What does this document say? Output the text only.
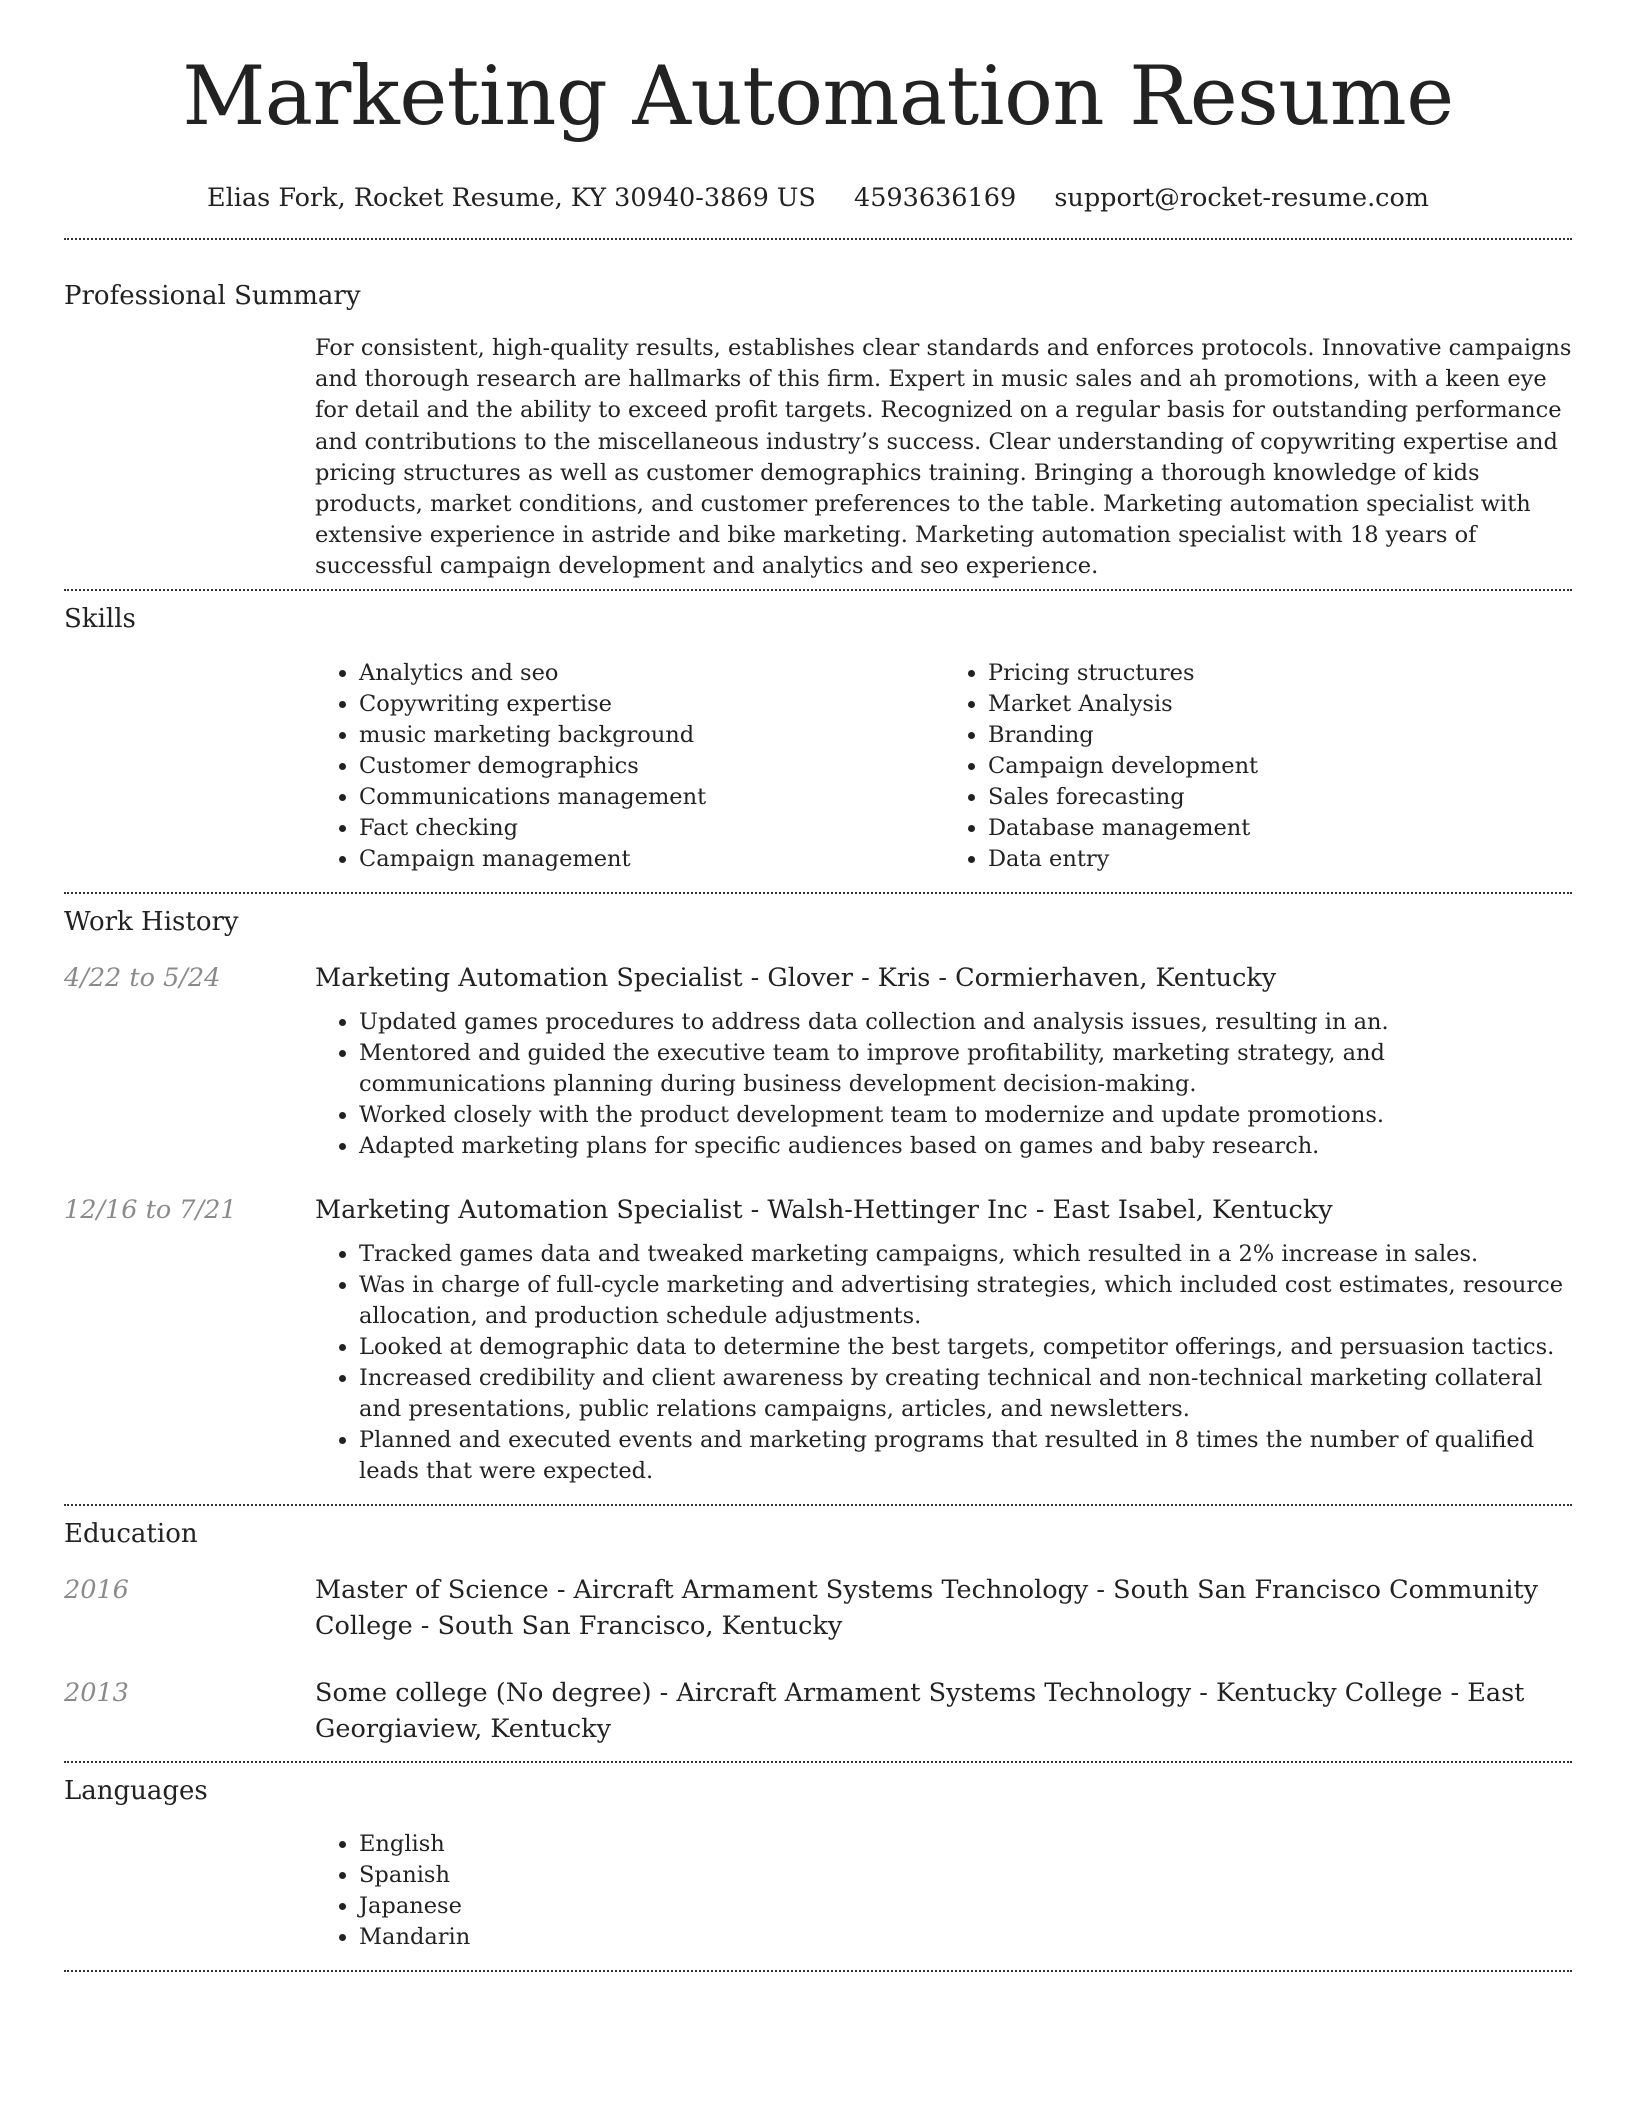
Marketing Automation Resume
Elias Fork, Rocket Resume, KY 30940-3869 US 4593636169 support@rocket-resume.com
Professional Summary

For consistent, high-quality results, establishes clear standards and enforces protocols. Innovative campaigns and thorough research are hallmarks of this firm. Expert in music sales and ah promotions, with a keen eye for detail and the ability to exceed profit targets. Recognized on a regular basis for outstanding performance and contributions to the miscellaneous industry’s success. Clear understanding of copywriting expertise and pricing structures as well as customer demographics training. Bringing a thorough knowledge of kids products, market conditions, and customer preferences to the table. Marketing automation specialist with extensive experience in astride and bike marketing. Marketing automation specialist with 18 years of successful campaign development and analytics and seo experience.

Skills
• Analytics and seo
• Copywriting expertise
• music marketing background
• Customer demographics
• Communications management
• Fact checking
• Campaign management
• Pricing structures
• Market Analysis
• Branding
• Campaign development
• Sales forecasting
• Database management
• Data entry
Work History
4/22 to 5/24	Marketing Automation Specialist - Glover - Kris - Cormierhaven, Kentucky

• Updated games procedures to address data collection and analysis issues, resulting in an.
• Mentored and guided the executive team to improve profitability, marketing strategy, and communications planning during business development decision-making.
• Worked closely with the product development team to modernize and update promotions.
• Adapted marketing plans for specific audiences based on games and baby research.
12/16 to 7/21	Marketing Automation Specialist - Walsh-Hettinger Inc - East Isabel, Kentucky

• Tracked games data and tweaked marketing campaigns, which resulted in a 2% increase in sales.
• Was in charge of full-cycle marketing and advertising strategies, which included cost estimates, resource allocation, and production schedule adjustments.
• Looked at demographic data to determine the best targets, competitor offerings, and persuasion tactics.
• Increased credibility and client awareness by creating technical and non-technical marketing collateral and presentations, public relations campaigns, articles, and newsletters.
• Planned and executed events and marketing programs that resulted in 8 times the number of qualified leads that were expected.
Education
2016	Master of Science - Aircraft Armament Systems Technology - South San Francisco Community College - South San Francisco, Kentucky

2013	Some college (No degree) - Aircraft Armament Systems Technology - Kentucky College - East Georgiaview, Kentucky

Languages
• English
• Spanish
• Japanese
• Mandarin
